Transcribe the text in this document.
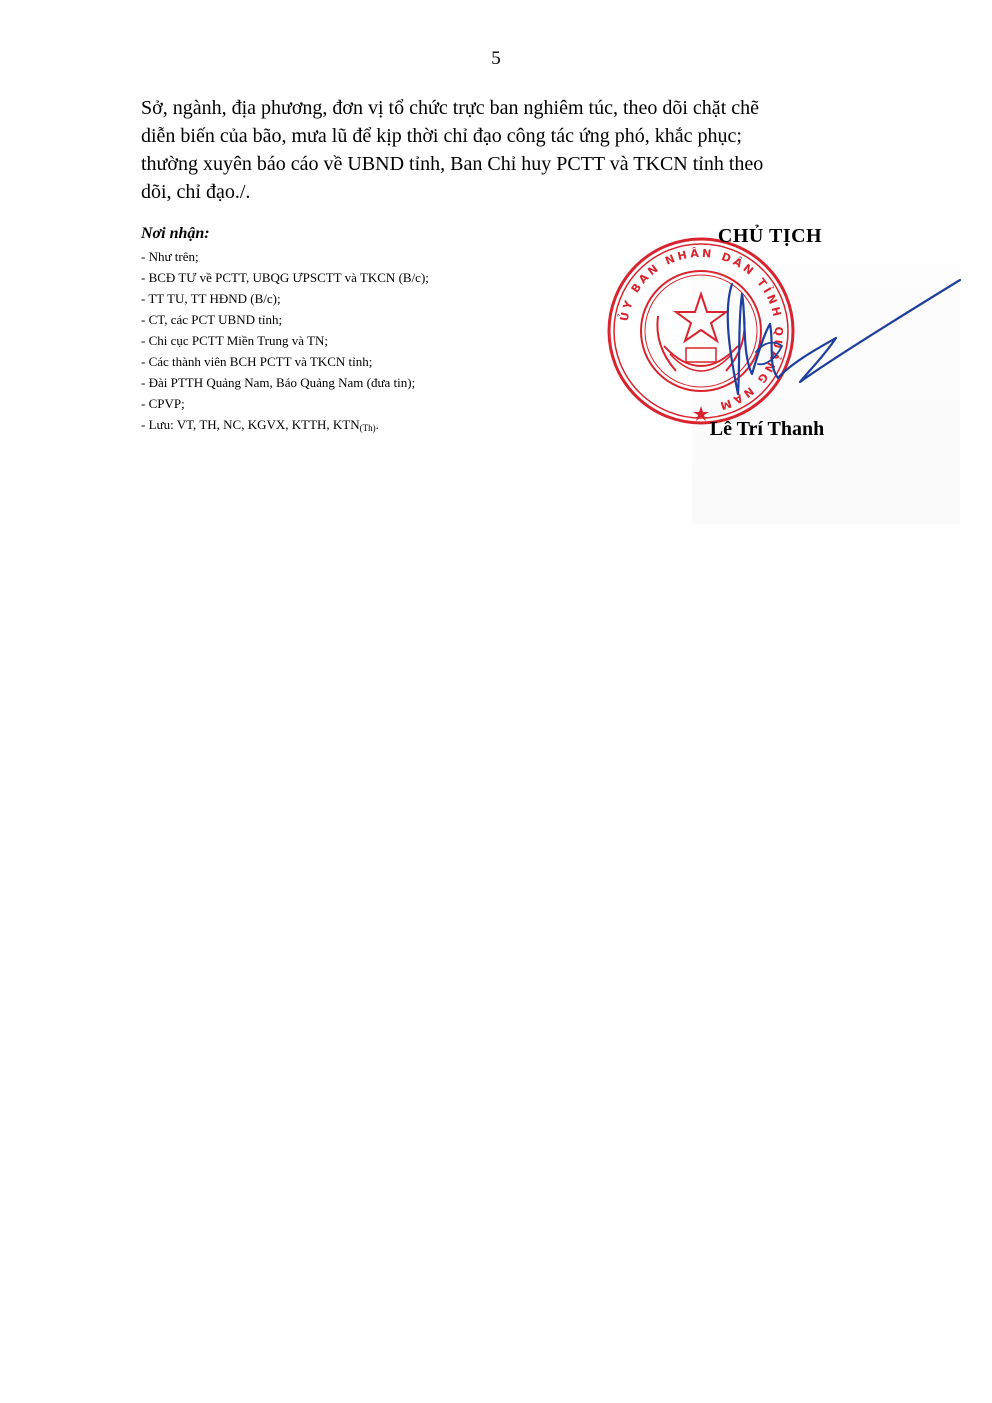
5

Sở, ngành, địa phương, đơn vị tổ chức trực ban nghiêm túc, theo dõi chặt chẽ
diễn biến của bão, mưa lũ để kịp thời chỉ đạo công tác ứng phó, khắc phục;
thường xuyên báo cáo về UBND tỉnh, Ban Chỉ huy PCTT và TKCN tỉnh theo
dõi, chỉ đạo./.

Nơi nhận:
- Như trên;
- BCĐ TƯ về PCTT, UBQG ƯPSCTT và TKCN (B/c);
- TT TU, TT HĐND (B/c);
- CT, các PCT UBND tỉnh;
- Chi cục PCTT Miền Trung và TN;
- Các thành viên BCH PCTT và TKCN tỉnh;
- Đài PTTH Quảng Nam, Báo Quảng Nam (đưa tin);
- CPVP;
- Lưu: VT, TH, NC, KGVX, KTTH, $KTN_{(Th)}$.
ỦY BAN NHÂN DÂN TỈNH QUẢNG NAM
CHỦ TỊCH
Lê Trí Thanh
